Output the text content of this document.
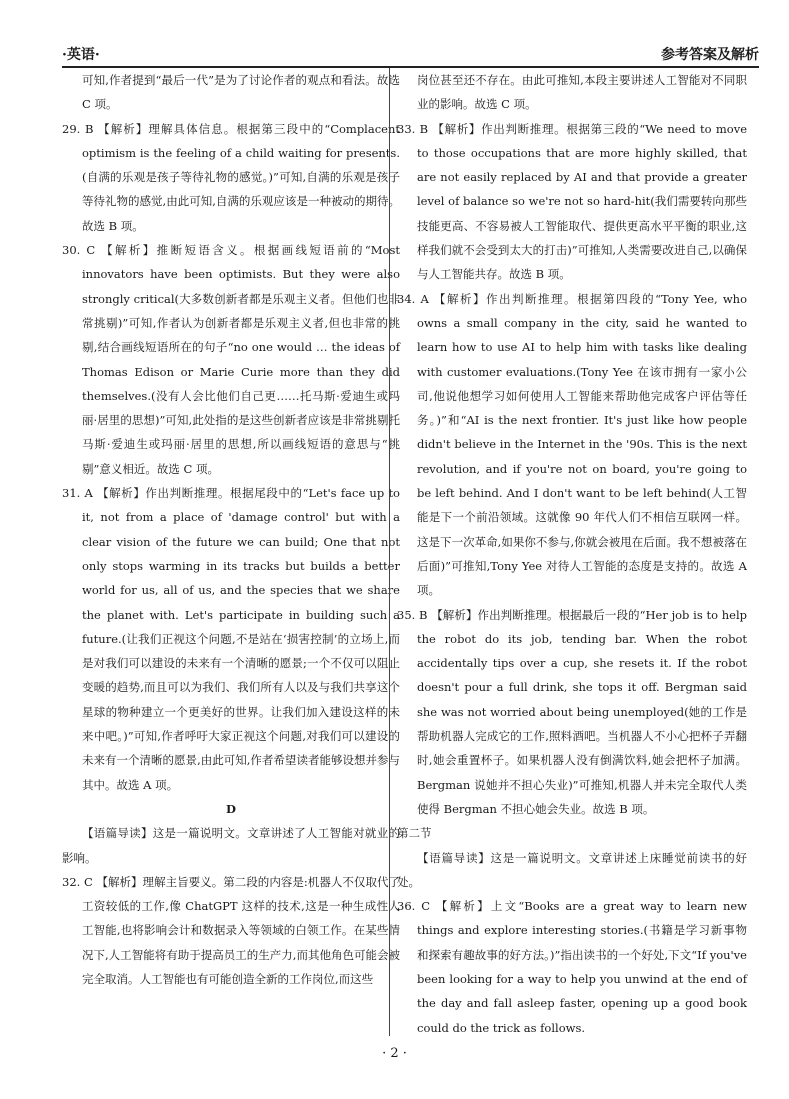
·英语·	参考答案及解析

可知,作者提到“最后一代”是为了讨论作者的观点和看法。故选 C 项。

29. B 【解析】理解具体信息。根据第三段中的“Complacent optimism is the feeling of a child waiting for presents.(自满的乐观是孩子等待礼物的感觉。)”可知,自满的乐观是孩子等待礼物的感觉,由此可知,自满的乐观应该是一种被动的期待。故选 B 项。

30. C 【解析】推断短语含义。根据画线短语前的“Most innovators have been optimists. But they were also strongly critical(大多数创新者都是乐观主义者。但他们也非常挑剔)”可知,作者认为创新者都是乐观主义者,但也非常的挑剔,结合画线短语所在的句子“no one would … the ideas of Thomas Edison or Marie Curie more than they did themselves.(没有人会比他们自己更……托马斯·爱迪生或玛丽·居里的思想)”可知,此处指的是这些创新者应该是非常挑剔托马斯·爱迪生或玛丽·居里的思想,所以画线短语的意思与“挑剔”意义相近。故选 C 项。

31. A 【解析】作出判断推理。根据尾段中的“Let's face up to it, not from a place of 'damage control' but with a clear vision of the future we can build; One that not only stops warming in its tracks but builds a better world for us, all of us, and the species that we share the planet with. Let's participate in building such a future.(让我们正视这个问题,不是站在‘损害控制’的立场上,而是对我们可以建设的未来有一个清晰的愿景;一个不仅可以阻止变暖的趋势,而且可以为我们、我们所有人以及与我们共享这个星球的物种建立一个更美好的世界。让我们加入建设这样的未来中吧。)”可知,作者呼吁大家正视这个问题,对我们可以建设的未来有一个清晰的愿景,由此可知,作者希望读者能够设想并参与其中。故选 A 项。

D

【语篇导读】这是一篇说明文。文章讲述了人工智能对就业的影响。

32. C 【解析】理解主旨要义。第二段的内容是:机器人不仅取代了工资较低的工作,像 ChatGPT 这样的技术,这是一种生成性人工智能,也将影响会计和数据录入等领域的白领工作。在某些情况下,人工智能将有助于提高员工的生产力,而其他角色可能会被完全取消。人工智能也有可能创造全新的工作岗位,而这些

岗位甚至还不存在。由此可推知,本段主要讲述人工智能对不同职业的影响。故选 C 项。

33. B 【解析】作出判断推理。根据第三段的“We need to move to those occupations that are more highly skilled, that are not easily replaced by AI and that provide a greater level of balance so we're not so hard-hit(我们需要转向那些技能更高、不容易被人工智能取代、提供更高水平平衡的职业,这样我们就不会受到太大的打击)”可推知,人类需要改进自己,以确保与人工智能共存。故选 B 项。

34. A 【解析】作出判断推理。根据第四段的“Tony Yee, who owns a small company in the city, said he wanted to learn how to use AI to help him with tasks like dealing with customer evaluations.(Tony Yee 在该市拥有一家小公司,他说他想学习如何使用人工智能来帮助他完成客户评估等任务。)”和“AI is the next frontier. It's just like how people didn't believe in the Internet in the '90s. This is the next revolution, and if you're not on board, you're going to be left behind. And I don't want to be left behind(人工智能是下一个前沿领域。这就像 90 年代人们不相信互联网一样。这是下一次革命,如果你不参与,你就会被甩在后面。我不想被落在后面)”可推知,Tony Yee 对待人工智能的态度是支持的。故选 A 项。

35. B 【解析】作出判断推理。根据最后一段的“Her job is to help the robot do its job, tending bar. When the robot accidentally tips over a cup, she resets it. If the robot doesn't pour a full drink, she tops it off. Bergman said she was not worried about being unemployed(她的工作是帮助机器人完成它的工作,照料酒吧。当机器人不小心把杯子弄翻时,她会重置杯子。如果机器人没有倒满饮料,她会把杯子加满。Bergman 说她并不担心失业)”可推知,机器人并未完全取代人类使得 Bergman 不担心她会失业。故选 B 项。

第二节

【语篇导读】这是一篇说明文。文章讲述上床睡觉前读书的好处。

36. C 【解析】上文“Books are a great way to learn new things and explore interesting stories.(书籍是学习新事物和探索有趣故事的好方法。)”指出读书的一个好处,下文“If you've been looking for a way to help you unwind at the end of the day and fall asleep faster, opening up a good book could do the trick as follows.

· 2 ·
